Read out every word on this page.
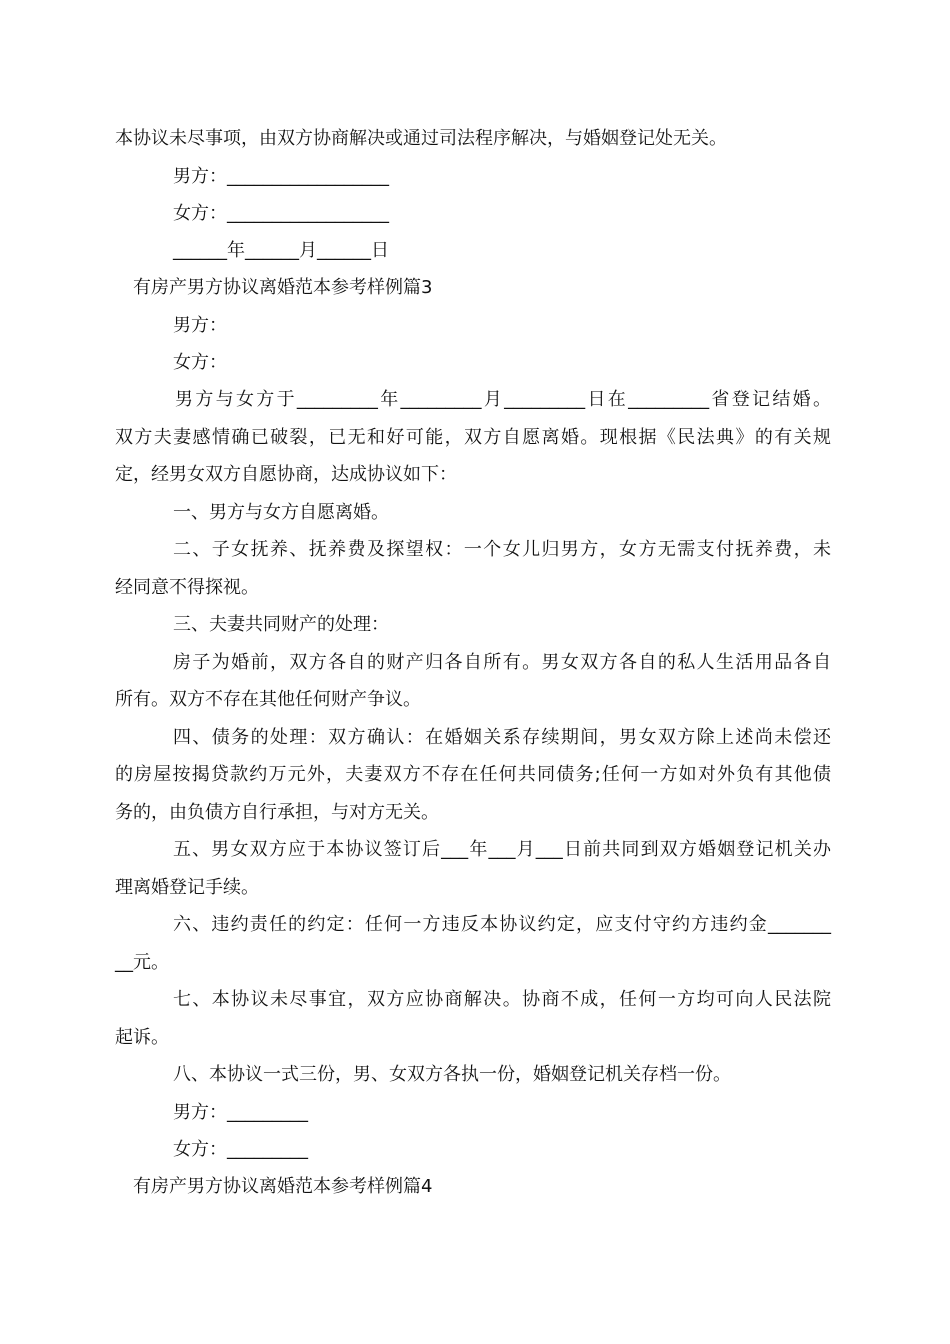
本协议未尽事项，由双方协商解决或通过司法程序解决，与婚姻登记处无关。
男方：__________________
女方：__________________
______年______月______日
有房产男方协议离婚范本参考样例篇3
男方：
女方：
男方与女方于_________年_________月_________日在_________省登记结婚。
双方夫妻感情确已破裂，已无和好可能，双方自愿离婚。现根据《民法典》的有关规
定，经男女双方自愿协商，达成协议如下：
一、男方与女方自愿离婚。
二、子女抚养、抚养费及探望权：一个女儿归男方，女方无需支付抚养费，未
经同意不得探视。
三、夫妻共同财产的处理：
房子为婚前，双方各自的财产归各自所有。男女双方各自的私人生活用品各自
所有。双方不存在其他任何财产争议。
四、债务的处理：双方确认：在婚姻关系存续期间，男女双方除上述尚未偿还
的房屋按揭贷款约万元外，夫妻双方不存在任何共同债务;任何一方如对外负有其他债
务的，由负债方自行承担，与对方无关。
五、男女双方应于本协议签订后___年___月___日前共同到双方婚姻登记机关办
理离婚登记手续。
六、违约责任的约定：任何一方违反本协议约定，应支付守约方违约金_______
__元。
七、本协议未尽事宜，双方应协商解决。协商不成，任何一方均可向人民法院
起诉。
八、本协议一式三份，男、女双方各执一份，婚姻登记机关存档一份。
男方：_________
女方：_________
有房产男方协议离婚范本参考样例篇4
